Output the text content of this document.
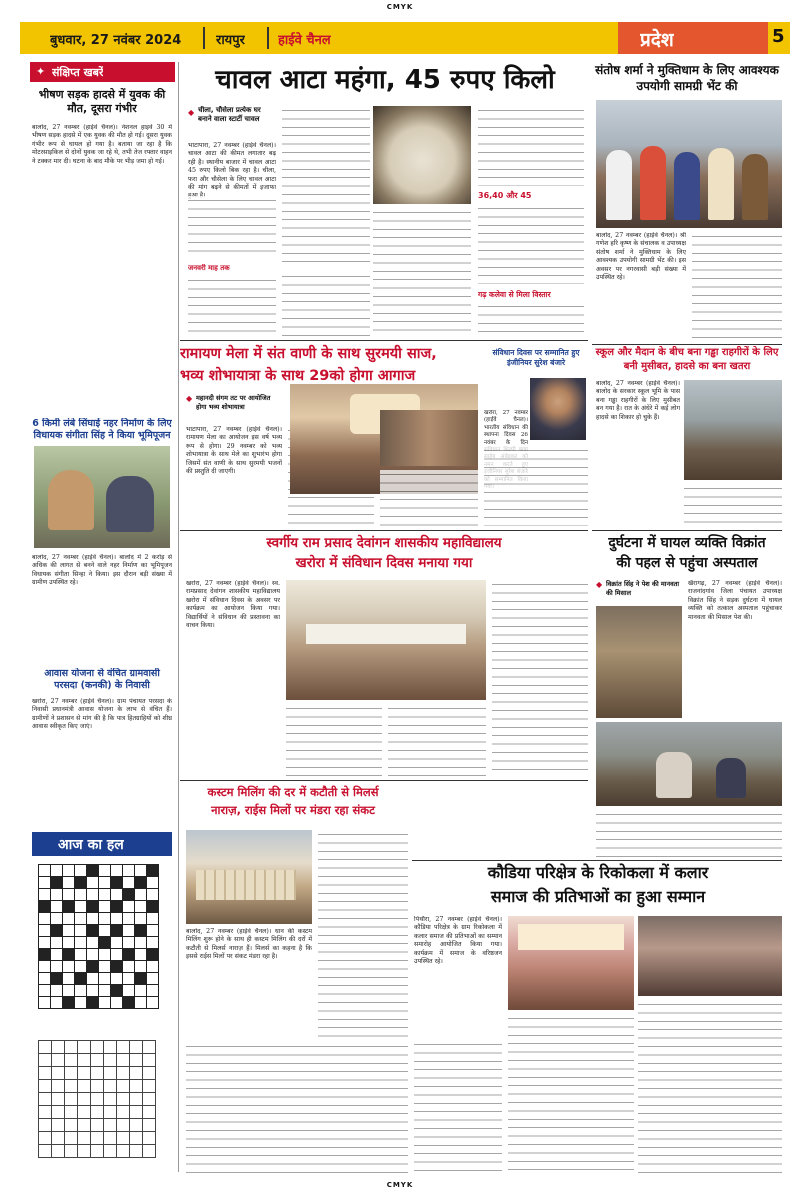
CMYK
बुधवार, 27 नवंबर 2024	रायपुर	हाईवे चैनल	प्रदेश	5
✦ संक्षिप्त खबरें
भीषण सड़क हादसे में युवक की मौत, दूसरा गंभीर
बालोद, 27 नवम्बर (हाईवे चैनल)। नेशनल हाइवे 30 में भीषण सड़क हादसे में एक युवक की मौत हो गई। दूसरा युवक गंभीर रूप से घायल हो गया है। बताया जा रहा है कि मोटरसाइकिल से दोनों युवक जा रहे थे, तभी तेज रफ्तार वाहन ने टक्कर मार दी। घटना के बाद मौके पर भीड़ जमा हो गई।
6 किमी लंबे सिंघाई नहर निर्माण के लिए विधायक संगीता सिंह ने किया भूमिपूजन
बालोद, 27 नवम्बर (हाईवे चैनल)। बालोद में 2 करोड़ से अधिक की लागत से बनने वाले नहर निर्माण का भूमिपूजन विधायक संगीता सिन्हा ने किया। इस दौरान बड़ी संख्या में ग्रामीण उपस्थित रहे।
आवास योजना से वंचित ग्रामवासी परसदा (कनकी) के निवासी
खरोरा, 27 नवम्बर (हाईवे चैनल)। ग्राम पंचायत परसदा के निवासी प्रधानमंत्री आवास योजना के लाभ से वंचित हैं। ग्रामीणों ने प्रशासन से मांग की है कि पात्र हितग्राहियों को शीघ्र आवास स्वीकृत किए जाएं।
आज का हल

चावल आटा महंगा, 45 रुपए किलो
◆ चीला, चौसेला प्रत्येक घर बनाने वाला स्टार्टी चावल
भाटापारा, 27 नवम्बर (हाईवे चैनल)। चावल आटा की कीमत लगातार बढ़ रही है। स्थानीय बाजार में चावल आटा 45 रुपए किलो बिक रहा है। चीला, फरा और चौसेला के लिए चावल आटा की मांग बढ़ने से कीमतों में इजाफा
जनवरी माह तक
36,40 और 45
गढ़ कलेवा से मिला विस्तार
संतोष शर्मा ने मुक्तिधाम के लिए आवश्यक उपयोगी सामग्री भेंट की
बालोद, 27 नवम्बर (हाईवे चैनल)। श्री गणेश हरि कृष्ण के संचालक व उपाध्यक्ष संतोष शर्मा ने मुक्तिधाम के लिए आवश्यक उपयोगी सामग्री भेंट की। इस अवसर पर नगरवासी बड़ी संख्या में उपस्थित रहे।
रामायण मेला में संत वाणी के साथ सुरमयी साज,
भव्य शोभायात्रा के साथ 29को होगा आगाज
◆ महानदी संगम तट पर आयोजित होगा भव्य शोभायात्रा
भाटापारा, 27 नवम्बर (हाईवे चैनल)। रामायण मेला का आयोजन इस वर्ष भव्य रूप से होगा। 29 नवम्बर को भव्य शोभायात्रा के साथ मेले का शुभारंभ होगा जिसमें संत वाणी के साथ सुरमयी भजनों की प्रस्तुति दी जाएगी।
संविधान दिवस पर सम्मानित हुए इंजीनियर सुरेश बंजारे
खरोरा, 27 नवम्बर (हाईवे चैनल)। भारतीय संविधान की स्थापना दिवस 26 नवंबर के दिन
स्कूल और मैदान के बीच बना गड्ढा राहगीरों के लिए बनी मुसीबत, हादसे का बना खतरा
बालोद, 27 नवम्बर (हाईवे चैनल)। बालोद के सरकार स्कूल भूमि के पास बना गड्ढा राहगीरों के लिए मुसीबत बन गया है। रात के अंधेरे में कई लोग हादसे का शिकार हो चुके हैं।
स्वर्गीय राम प्रसाद देवांगन शासकीय महाविद्यालय
खरोरा में संविधान दिवस मनाया गया
खरोरा, 27 नवम्बर (हाईवे चैनल)। स्व. रामप्रसाद देवांगन शासकीय महाविद्यालय खरोरा में संविधान दिवस के अवसर पर कार्यक्रम का आयोजन किया गया। विद्यार्थियों ने संविधान की प्रस्तावना का वाचन किया।
दुर्घटना में घायल व्यक्ति विक्रांत
की पहल से पहुंचा अस्पताल
◆ विक्रांत सिंह ने पेश की मानवता की मिसाल
खैरागढ़, 27 नवम्बर (हाईवे चैनल)। राजनांदगांव जिला पंचायत उपाध्यक्ष विक्रांत सिंह ने सड़क दुर्घटना में घायल व्यक्ति को तत्काल अस्पताल पहुंचाकर मानवता की मिसाल पेश की।
कस्टम मिलिंग की दर में कटौती से मिलर्स
नाराज़, राईस मिलों पर मंडरा रहा संकट
बालोद, 27 नवम्बर (हाईवे चैनल)। धान की कस्टम मिलिंग शुरू होने के साथ ही कस्टम मिलिंग की दरों में कटौती से मिलर्स नाराज़ हैं। मिलर्स का कहना है कि इससे राईस मिलों पर संकट मंडरा रहा है।
कौडिया परिक्षेत्र के रिकोकला में कलार
समाज की प्रतिभाओं का हुआ सम्मान
पिथौरा, 27 नवम्बर (हाईवे चैनल)। कौडिया परिक्षेत्र के ग्राम रिकोकला में कलार समाज की प्रतिभाओं का सम्मान समारोह आयोजित किया गया। कार्यक्रम में समाज के वरिष्ठजन उपस्थित रहे।
CMYK
